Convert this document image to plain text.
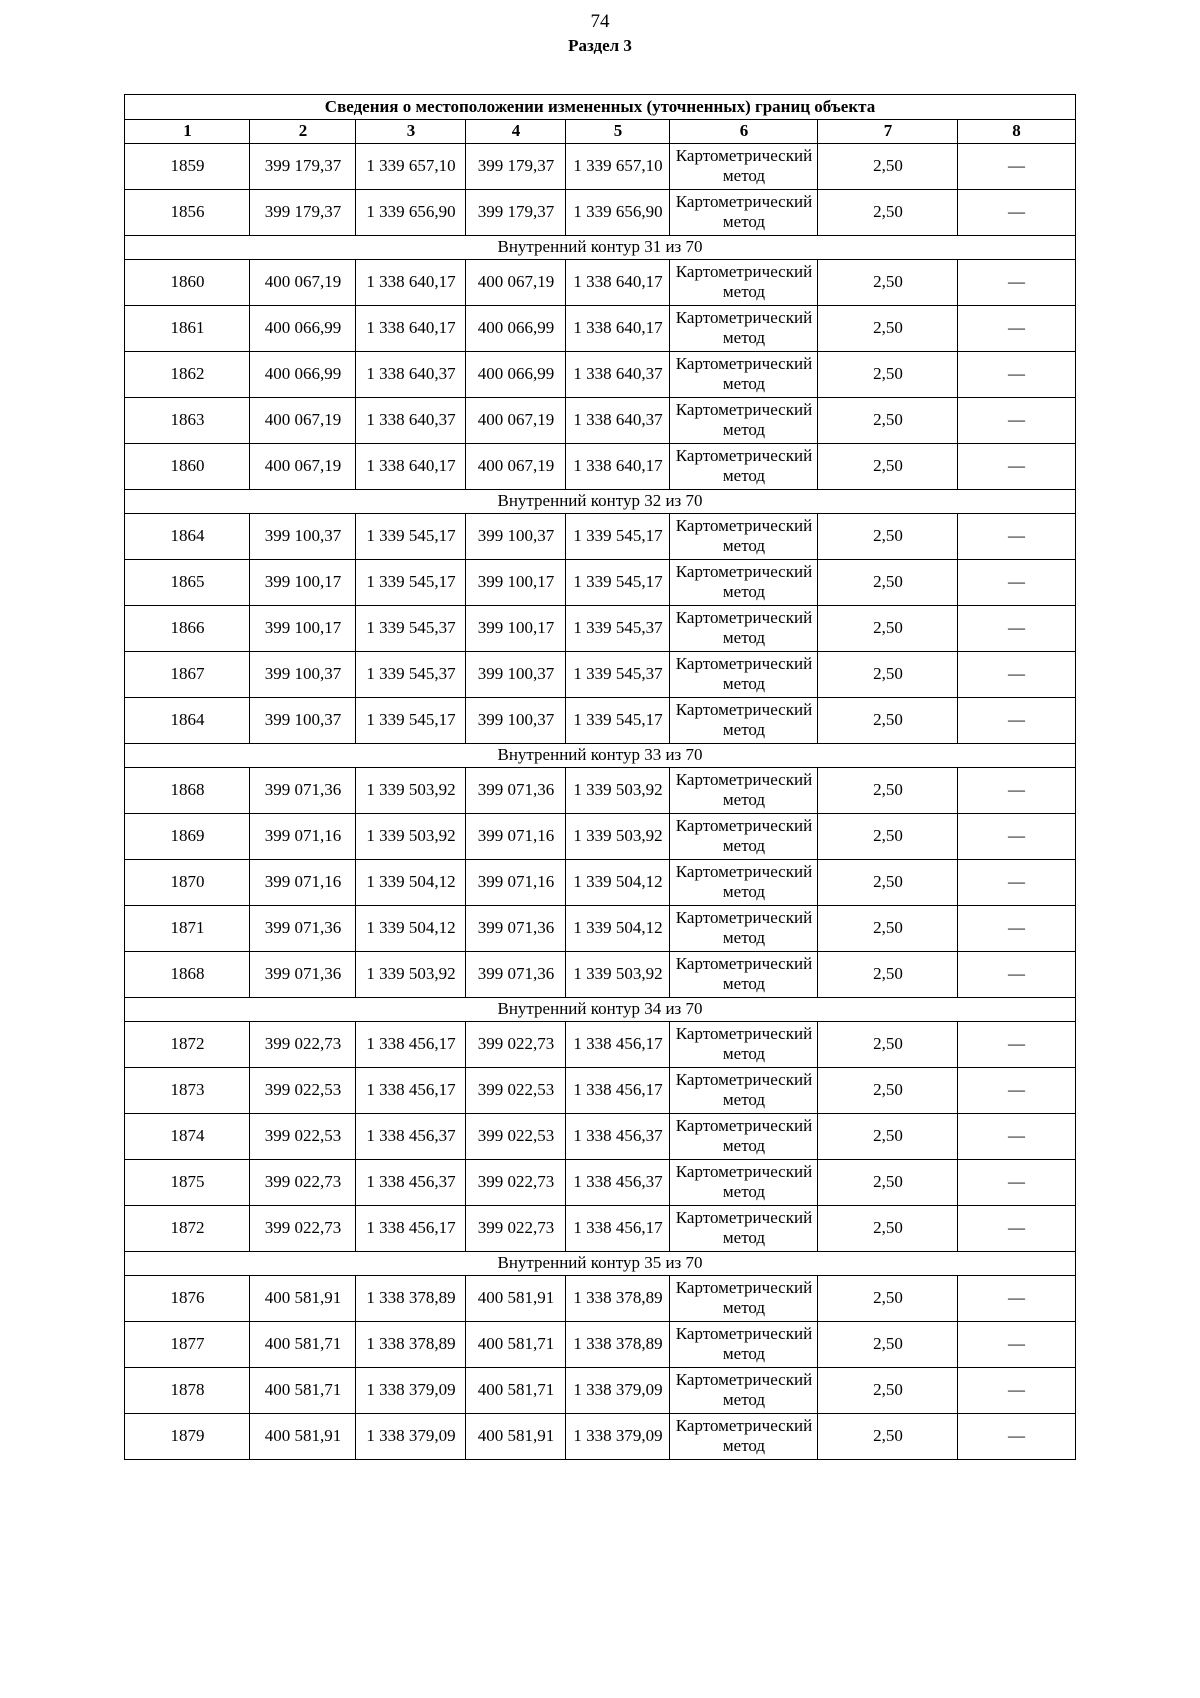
74
Раздел 3
Сведения о местоположении измененных (уточненных) границ объекта							
1	2	3	4	5	6	7	8
1859	399 179,37	1 339 657,10	399 179,37	1 339 657,10	Картометрический метод	2,50	—
1856	399 179,37	1 339 656,90	399 179,37	1 339 656,90	Картометрический метод	2,50	—
Внутренний контур 31 из 70							
1860	400 067,19	1 338 640,17	400 067,19	1 338 640,17	Картометрический метод	2,50	—
1861	400 066,99	1 338 640,17	400 066,99	1 338 640,17	Картометрический метод	2,50	—
1862	400 066,99	1 338 640,37	400 066,99	1 338 640,37	Картометрический метод	2,50	—
1863	400 067,19	1 338 640,37	400 067,19	1 338 640,37	Картометрический метод	2,50	—
1860	400 067,19	1 338 640,17	400 067,19	1 338 640,17	Картометрический метод	2,50	—
Внутренний контур 32 из 70							
1864	399 100,37	1 339 545,17	399 100,37	1 339 545,17	Картометрический метод	2,50	—
1865	399 100,17	1 339 545,17	399 100,17	1 339 545,17	Картометрический метод	2,50	—
1866	399 100,17	1 339 545,37	399 100,17	1 339 545,37	Картометрический метод	2,50	—
1867	399 100,37	1 339 545,37	399 100,37	1 339 545,37	Картометрический метод	2,50	—
1864	399 100,37	1 339 545,17	399 100,37	1 339 545,17	Картометрический метод	2,50	—
Внутренний контур 33 из 70							
1868	399 071,36	1 339 503,92	399 071,36	1 339 503,92	Картометрический метод	2,50	—
1869	399 071,16	1 339 503,92	399 071,16	1 339 503,92	Картометрический метод	2,50	—
1870	399 071,16	1 339 504,12	399 071,16	1 339 504,12	Картометрический метод	2,50	—
1871	399 071,36	1 339 504,12	399 071,36	1 339 504,12	Картометрический метод	2,50	—
1868	399 071,36	1 339 503,92	399 071,36	1 339 503,92	Картометрический метод	2,50	—
Внутренний контур 34 из 70							
1872	399 022,73	1 338 456,17	399 022,73	1 338 456,17	Картометрический метод	2,50	—
1873	399 022,53	1 338 456,17	399 022,53	1 338 456,17	Картометрический метод	2,50	—
1874	399 022,53	1 338 456,37	399 022,53	1 338 456,37	Картометрический метод	2,50	—
1875	399 022,73	1 338 456,37	399 022,73	1 338 456,37	Картометрический метод	2,50	—
1872	399 022,73	1 338 456,17	399 022,73	1 338 456,17	Картометрический метод	2,50	—
Внутренний контур 35 из 70							
1876	400 581,91	1 338 378,89	400 581,91	1 338 378,89	Картометрический метод	2,50	—
1877	400 581,71	1 338 378,89	400 581,71	1 338 378,89	Картометрический метод	2,50	—
1878	400 581,71	1 338 379,09	400 581,71	1 338 379,09	Картометрический метод	2,50	—
1879	400 581,91	1 338 379,09	400 581,91	1 338 379,09	Картометрический метод	2,50	—
